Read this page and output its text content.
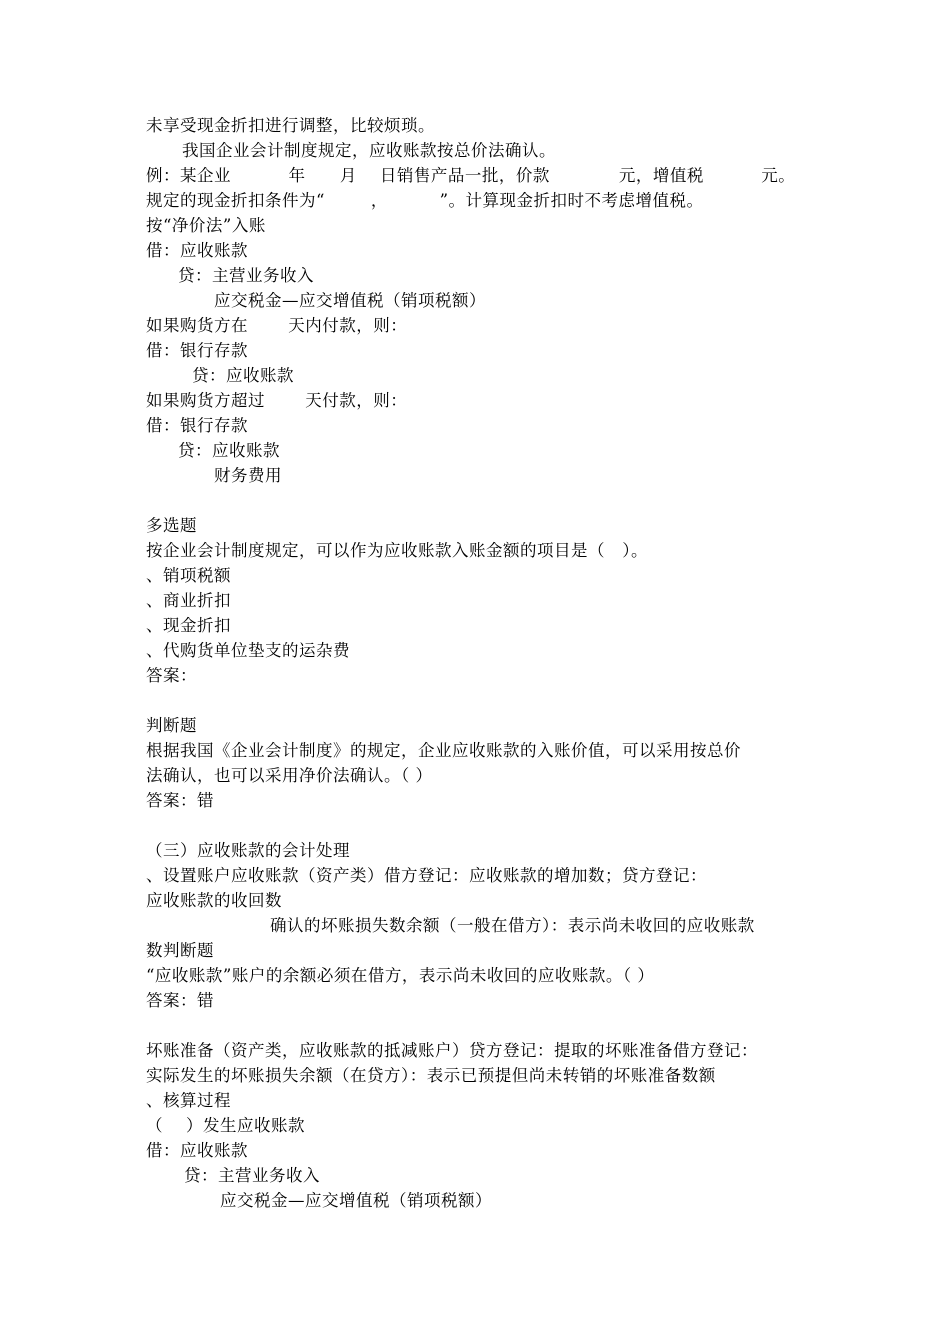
未享受现金折扣进行调整，比较烦琐。
我国企业会计制度规定，应收账款按总价法确认。
例：某企业          年      月    日销售产品一批，价款            元，增值税          元。
规定的现金折扣条件为“        ，         ”。计算现金折扣时不考虑增值税。
按“净价法”入账
借：应收账款
贷：主营业务收入
应交税金—应交增值税（销项税额）
如果购货方在       天内付款，则：
借：银行存款
贷：应收账款
如果购货方超过       天付款，则：
借：银行存款
贷：应收账款
财务费用
多选题
按企业会计制度规定，可以作为应收账款入账金额的项目是（   ）。
、销项税额
、商业折扣
、现金折扣
、代购货单位垫支的运杂费
答案：
判断题
根据我国《企业会计制度》的规定，企业应收账款的入账价值，可以采用按总价
法确认，也可以采用净价法确认。（ ）
答案：错
（三）应收账款的会计处理
、设置账户应收账款（资产类）借方登记：应收账款的增加数；贷方登记：
应收账款的收回数
确认的坏账损失数余额（一般在借方）：表示尚未收回的应收账款
数判断题
“应收账款”账户的余额必须在借方，表示尚未收回的应收账款。（ ）
答案：错
坏账准备（资产类，应收账款的抵减账户）贷方登记：提取的坏账准备借方登记：
实际发生的坏账损失余额（在贷方）：表示已预提但尚未转销的坏账准备数额
、核算过程
（    ）发生应收账款
借：应收账款
贷：主营业务收入
应交税金—应交增值税（销项税额）
